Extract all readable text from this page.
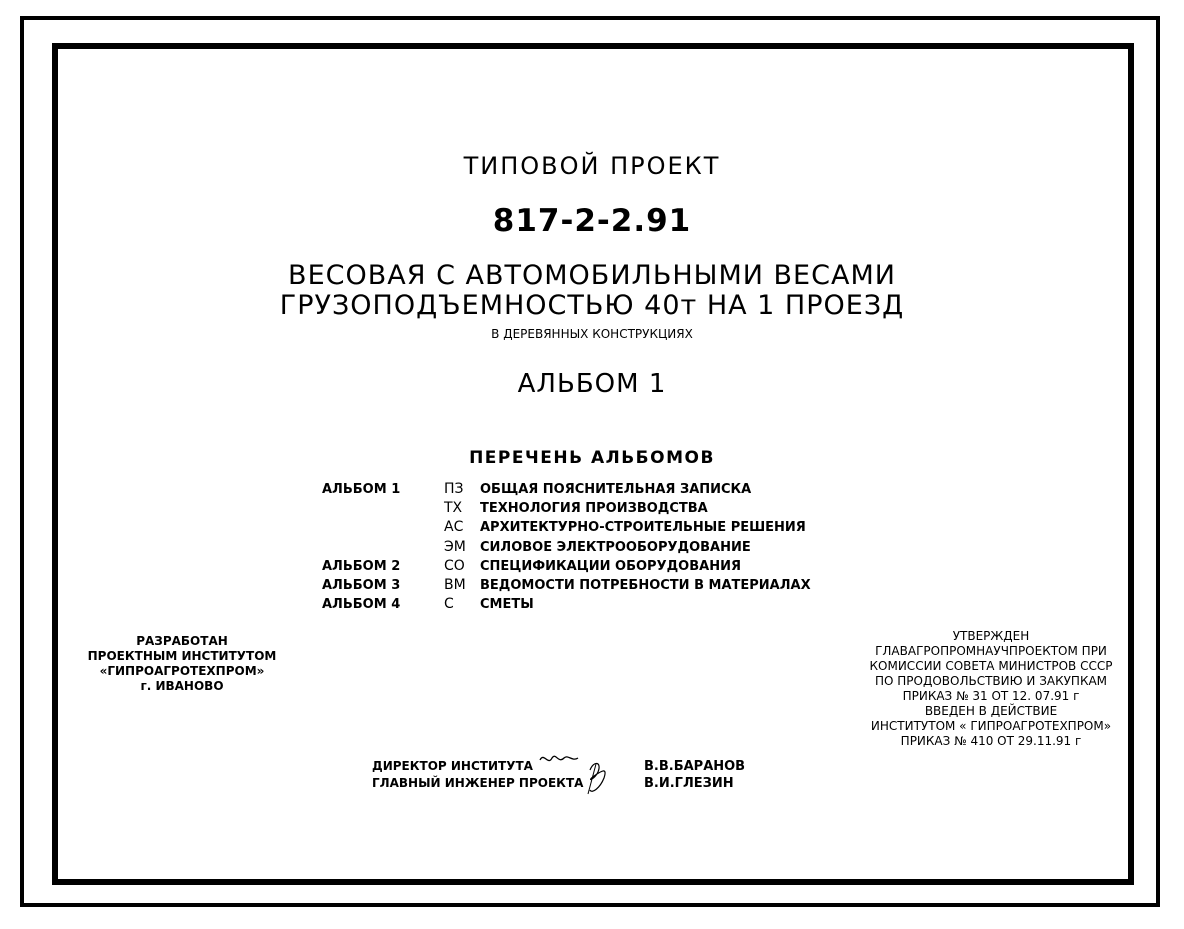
ТИПОВОЙ ПРОЕКТ
817-2-2.91
ВЕСОВАЯ С АВТОМОБИЛЬНЫМИ ВЕСАМИ
ГРУЗОПОДЪЕМНОСТЬЮ 40т НА 1 ПРОЕЗД
В ДЕРЕВЯННЫХ КОНСТРУКЦИЯХ
АЛЬБОМ 1
ПЕРЕЧЕНЬ АЛЬБОМОВ
АЛЬБОМ 1	ПЗ	ОБЩАЯ ПОЯСНИТЕЛЬНАЯ ЗАПИСКА
ТХ	ТЕХНОЛОГИЯ ПРОИЗВОДСТВА
АС	АРХИТЕКТУРНО-СТРОИТЕЛЬНЫЕ РЕШЕНИЯ
ЭМ	СИЛОВОЕ ЭЛЕКТРООБОРУДОВАНИЕ
АЛЬБОМ 2	СО	СПЕЦИФИКАЦИИ ОБОРУДОВАНИЯ
АЛЬБОМ 3	ВМ	ВЕДОМОСТИ ПОТРЕБНОСТИ В МАТЕРИАЛАХ
АЛЬБОМ 4	С	СМЕТЫ
РАЗРАБОТАН
ПРОЕКТНЫМ ИНСТИТУТОМ
«ГИПРОАГРОТЕХПРОМ»
г. ИВАНОВО
УТВЕРЖДЕН
ГЛАВАГРОПРОМНАУЧПРОЕКТОМ ПРИ
КОМИССИИ СОВЕТА МИНИСТРОВ СССР
ПО ПРОДОВОЛЬСТВИЮ И ЗАКУПКАМ
ПРИКАЗ № 31 ОТ 12. 07.91 г
ВВЕДЕН В ДЕЙСТВИЕ
ИНСТИТУТОМ « ГИПРОАГРОТЕХПРОМ»
ПРИКАЗ № 410 ОТ 29.11.91 г
ДИРЕКТОР ИНСТИТУТА	В.В.БАРАНОВ
ГЛАВНЫЙ ИНЖЕНЕР ПРОЕКТА	В.И.ГЛЕЗИН
